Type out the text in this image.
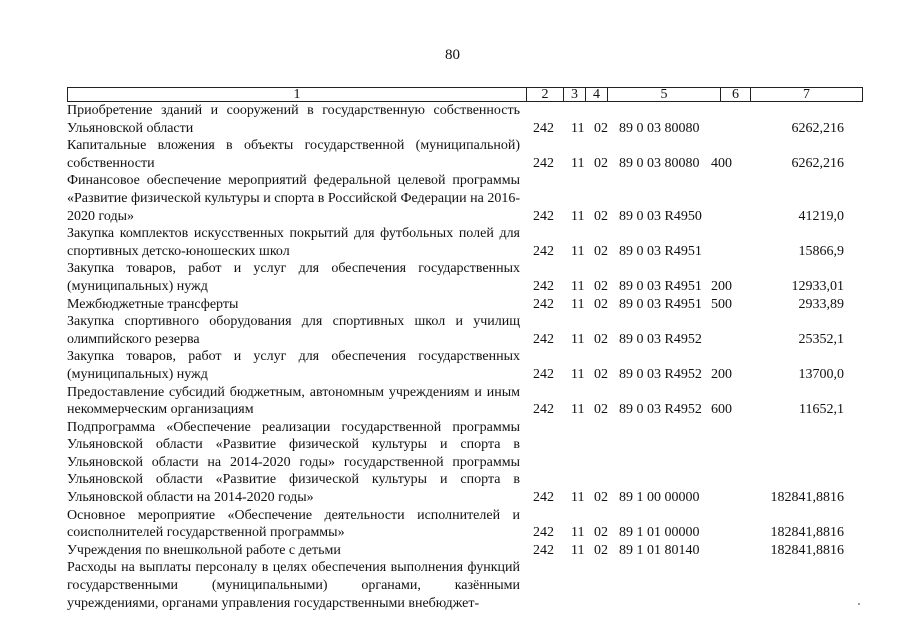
80
1	2	3	4	5	6	7
Приобретение зданий и сооружений в государственную собственность Ульяновской области	242 11 02 89 0 03 80080	6262,216
Капитальные вложения в объекты государственной (муниципальной) собственности	242 11 02 89 0 03 80080 400	6262,216
Финансовое обеспечение мероприятий федеральной целевой программы «Развитие физической культуры и спорта в Российской Федерации на 2016-2020 годы»	242 11 02 89 0 03 R4950	41219,0
Закупка комплектов искусственных покрытий для футбольных полей для спортивных детско-юношеских школ	242 11 02 89 0 03 R4951	15866,9
Закупка товаров, работ и услуг для обеспечения государственных (муниципальных) нужд	242 11 02 89 0 03 R4951 200	12933,01
Межбюджетные трансферты	242 11 02 89 0 03 R4951 500	2933,89
Закупка спортивного оборудования для спортивных школ и училищ олимпийского резерва	242 11 02 89 0 03 R4952	25352,1
Закупка товаров, работ и услуг для обеспечения государственных (муниципальных) нужд	242 11 02 89 0 03 R4952 200	13700,0
Предоставление субсидий бюджетным, автономным учреждениям и иным некоммерческим организациям	242 11 02 89 0 03 R4952 600	11652,1
Подпрограмма «Обеспечение реализации государственной программы Ульяновской области «Развитие физической культуры и спорта в Ульяновской области на 2014-2020 годы» государственной программы Ульяновской области «Развитие физической культуры и спорта в Ульяновской области на 2014-2020 годы»	242 11 02 89 1 00 00000	182841,8816
Основное мероприятие «Обеспечение деятельности исполнителей и соисполнителей государственной программы»	242 11 02 89 1 01 00000	182841,8816
Учреждения по внешкольной работе с детьми	242 11 02 89 1 01 80140	182841,8816
Расходы на выплаты персоналу в целях обеспечения выполнения функций государственными (муниципальными) органами, казёнными учреждениями, органами управления государственными внебюджет-
